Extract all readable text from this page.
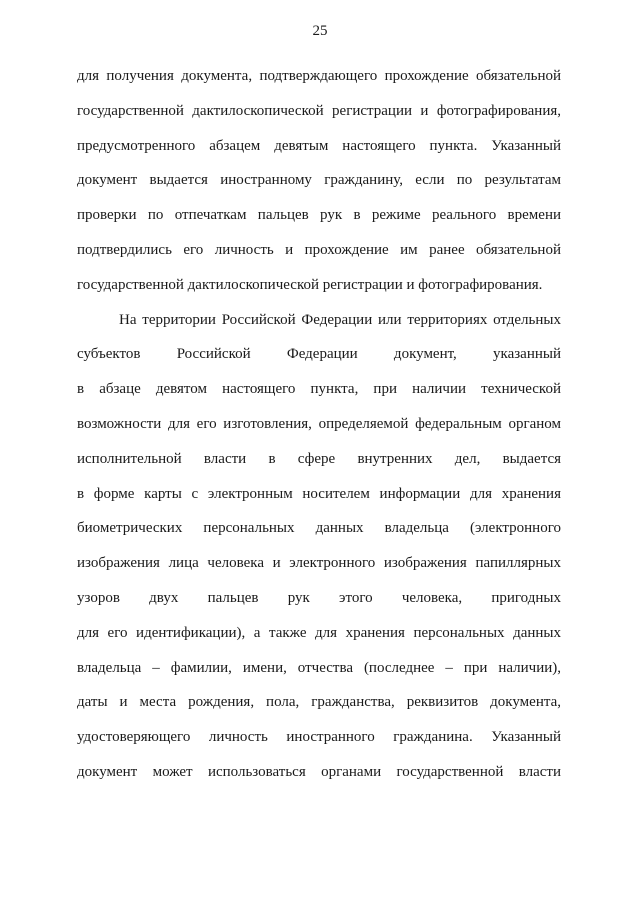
25
для получения документа, подтверждающего прохождение обязательной
государственной дактилоскопической регистрации и фотографирования,
предусмотренного абзацем девятым настоящего пункта. Указанный
документ выдается иностранному гражданину, если по результатам
проверки по отпечаткам пальцев рук в режиме реального времени
подтвердились его личность и прохождение им ранее обязательной
государственной дактилоскопической регистрации и фотографирования.
На территории Российской Федерации или территориях отдельных
субъектов Российской Федерации документ, указанный
в абзаце девятом настоящего пункта, при наличии технической
возможности для его изготовления, определяемой федеральным органом
исполнительной власти в сфере внутренних дел, выдается
в форме карты с электронным носителем информации для хранения
биометрических персональных данных владельца (электронного
изображения лица человека и электронного изображения папиллярных
узоров двух пальцев рук этого человека, пригодных
для его идентификации), а также для хранения персональных данных
владельца – фамилии, имени, отчества (последнее – при наличии),
даты и места рождения, пола, гражданства, реквизитов документа,
удостоверяющего личность иностранного гражданина. Указанный
документ может использоваться органами государственной власти
